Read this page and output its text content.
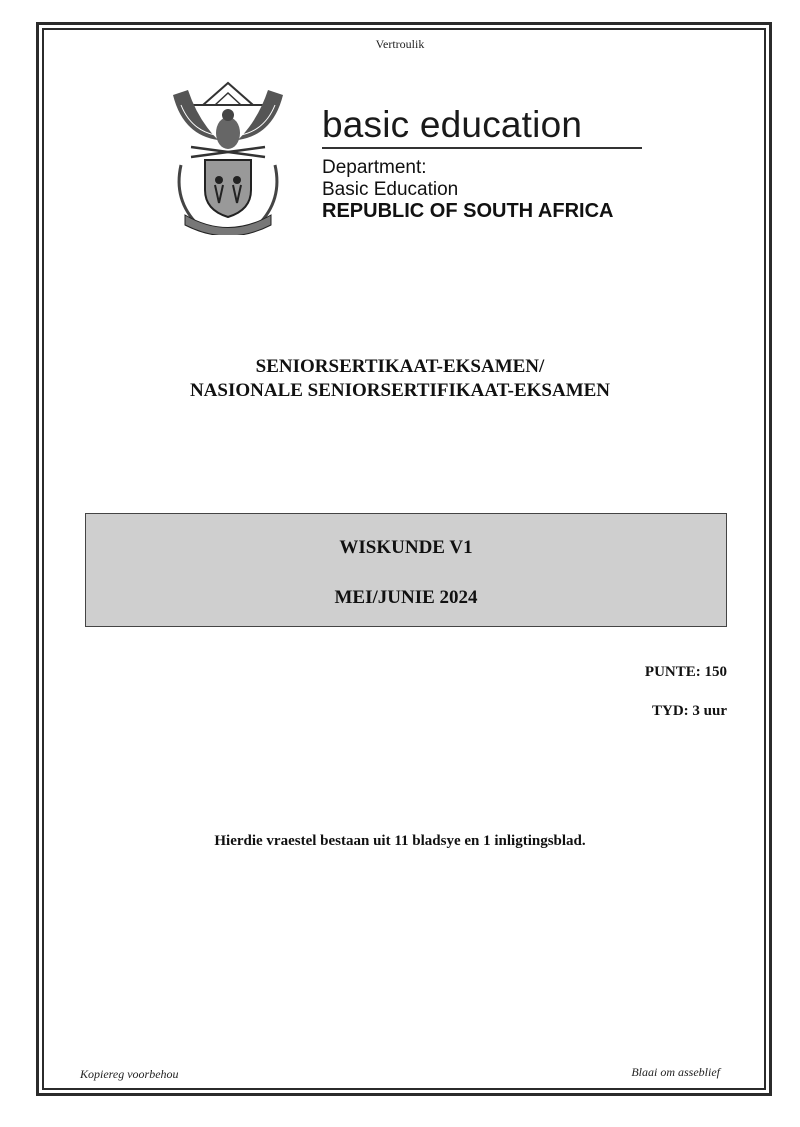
Vertroulik
basic education
Department:
Basic Education
REPUBLIC OF SOUTH AFRICA
SENIORSERTIKAAT-EKSAMEN/
NASIONALE SENIORSERTIFIKAAT-EKSAMEN
WISKUNDE V1
MEI/JUNIE 2024
PUNTE: 150
TYD: 3 uur
Hierdie vraestel bestaan uit 11 bladsye en 1 inligtingsblad.
Kopiereg voorbehou	Blaai om asseblief
